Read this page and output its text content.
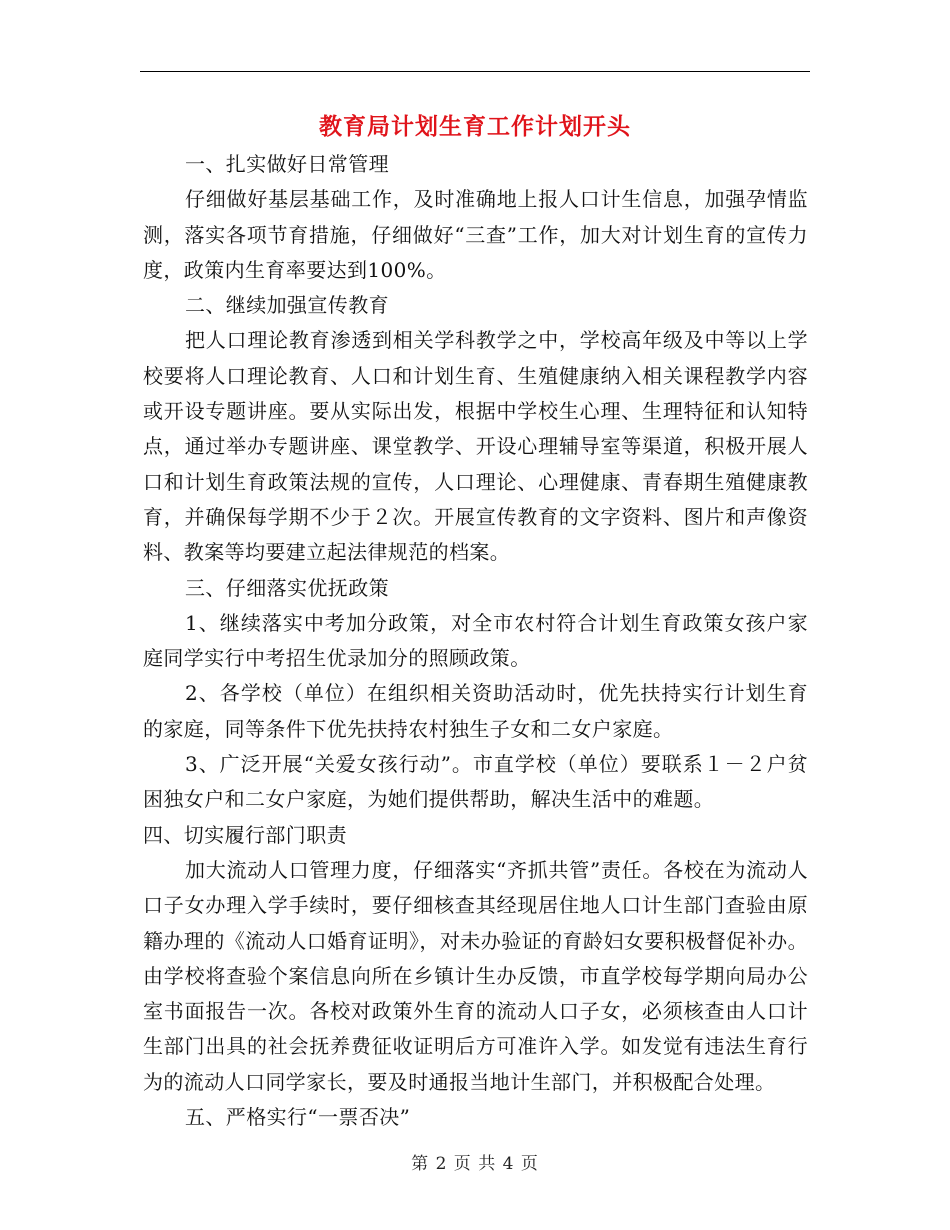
教育局计划生育工作计划开头

一、扎实做好日常管理

仔细做好基层基础工作，及时准确地上报人口计生信息，加强孕情监测，落实各项节育措施，仔细做好“三查”工作，加大对计划生育的宣传力度，政策内生育率要达到100%。

二、继续加强宣传教育

把人口理论教育渗透到相关学科教学之中，学校高年级及中等以上学校要将人口理论教育、人口和计划生育、生殖健康纳入相关课程教学内容或开设专题讲座。要从实际出发，根据中学校生心理、生理特征和认知特点，通过举办专题讲座、课堂教学、开设心理辅导室等渠道，积极开展人口和计划生育政策法规的宣传，人口理论、心理健康、青春期生殖健康教育，并确保每学期不少于２次。开展宣传教育的文字资料、图片和声像资料、教案等均要建立起法律规范的档案。

三、仔细落实优抚政策

1、继续落实中考加分政策，对全市农村符合计划生育政策女孩户家庭同学实行中考招生优录加分的照顾政策。

2、各学校（单位）在组织相关资助活动时，优先扶持实行计划生育的家庭，同等条件下优先扶持农村独生子女和二女户家庭。

3、广泛开展“关爱女孩行动”。市直学校（单位）要联系１－２户贫困独女户和二女户家庭，为她们提供帮助，解决生活中的难题。

四、切实履行部门职责

加大流动人口管理力度，仔细落实“齐抓共管”责任。各校在为流动人口子女办理入学手续时，要仔细核查其经现居住地人口计生部门查验由原籍办理的《流动人口婚育证明》，对未办验证的育龄妇女要积极督促补办。由学校将查验个案信息向所在乡镇计生办反馈，市直学校每学期向局办公室书面报告一次。各校对政策外生育的流动人口子女，必须核查由人口计生部门出具的社会抚养费征收证明后方可准许入学。如发觉有违法生育行为的流动人口同学家长，要及时通报当地计生部门，并积极配合处理。

五、严格实行“一票否决”

第 2 页 共 4 页
